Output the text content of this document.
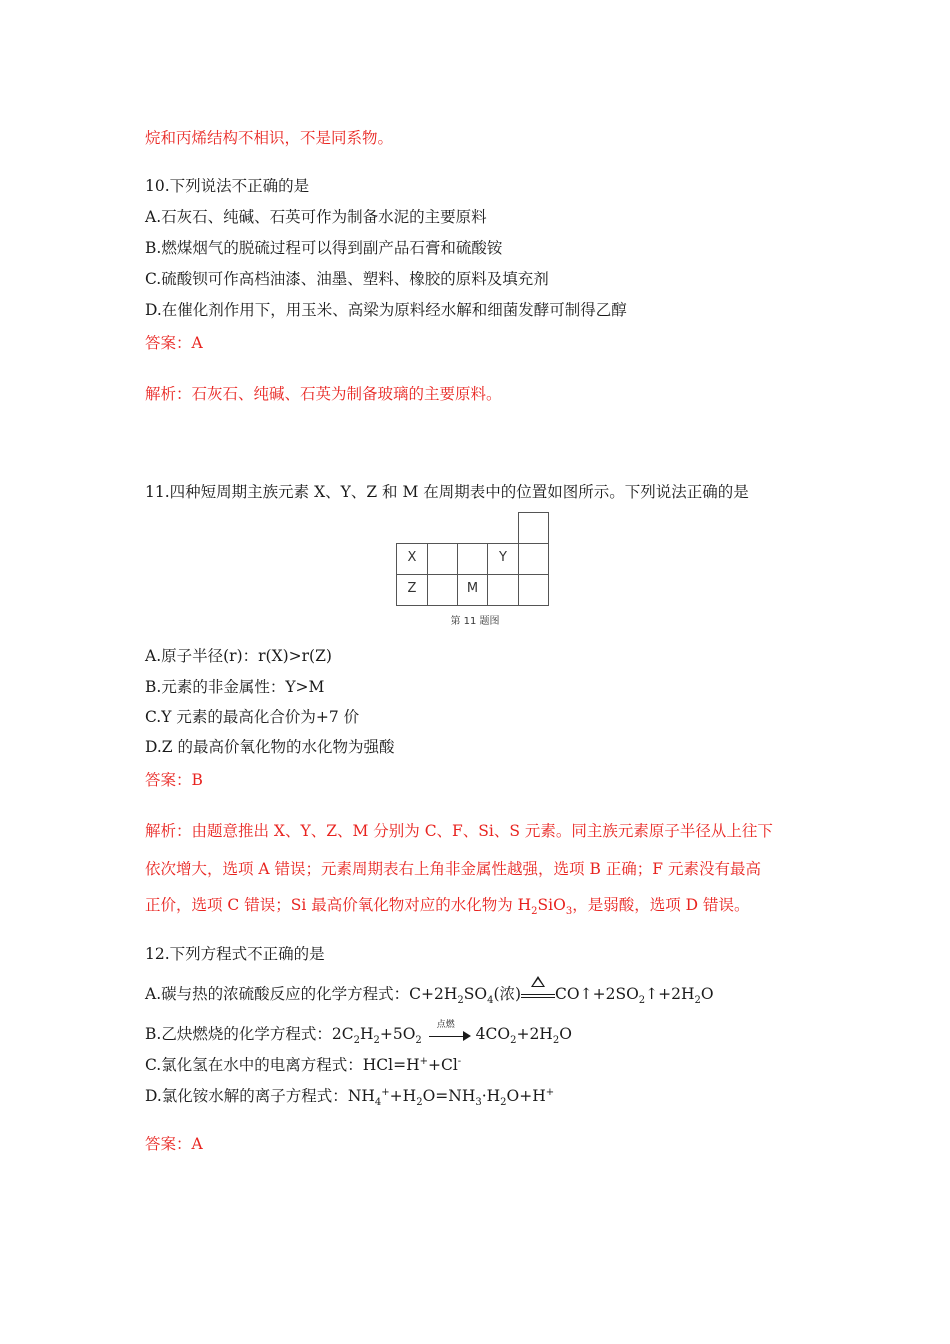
烷和丙烯结构不相识，不是同系物。
10.下列说法不正确的是
A.石灰石、纯碱、石英可作为制备水泥的主要原料
B.燃煤烟气的脱硫过程可以得到副产品石膏和硫酸铵
C.硫酸钡可作高档油漆、油墨、塑料、橡胶的原料及填充剂
D.在催化剂作用下，用玉米、高梁为原料经水解和细菌发酵可制得乙醇
答案：A
解析：石灰石、纯碱、石英为制备玻璃的主要原料。
11.四种短周期主族元素 X、Y、Z 和 M 在周期表中的位置如图所示。下列说法正确的是
X	Y
Z	M
第 11 题图
A.原子半径(r)：r(X)>r(Z)
B.元素的非金属性：Y>M
C.Y 元素的最高化合价为+7 价
D.Z 的最高价氧化物的水化物为强酸
答案：B
解析：由题意推出 X、Y、Z、M 分别为 C、F、Si、S 元素。同主族元素原子半径从上往下
依次增大，选项 A 错误；元素周期表右上角非金属性越强，选项 B 正确；F 元素没有最高
正价，选项 C 错误；Si 最高价氧化物对应的水化物为 $H_2SiO_3$，是弱酸，选项 D 错误。
12.下列方程式不正确的是
A.碳与热的浓硫酸反应的化学方程式：$C+2H_2SO_4$(浓) $CO↑+2SO_2↑+2H_2O$
B.乙炔燃烧的化学方程式：$2C_2H_2+5O_2$
点燃 $4CO_2+2H_2O$
C.氯化氢在水中的电离方程式：HCl=H++Cl-
D.氯化铵水解的离子方程式：$NH_4^++H_2O=NH_3\cdot H_2O+H^+$
答案：A
